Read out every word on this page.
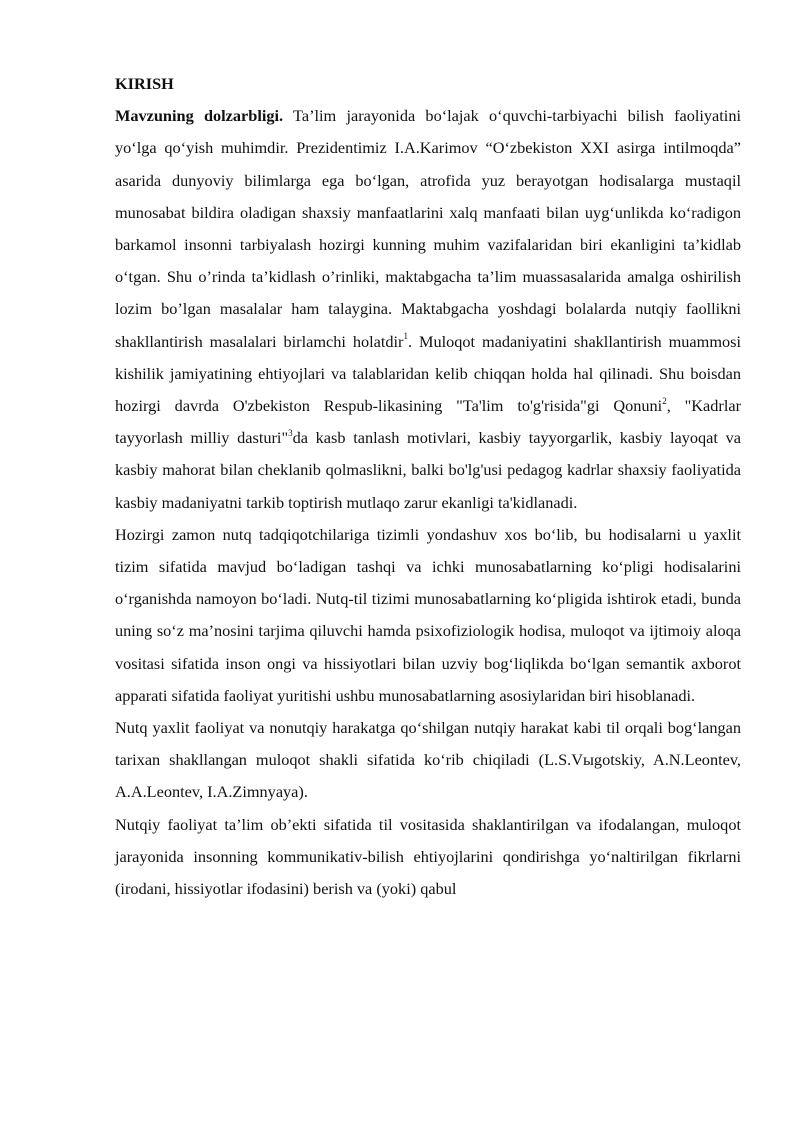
KIRISH

Mavzuning dolzarbligi. Ta’lim jarayonida bo‘lajak o‘quvchi-tarbiyachi bilish faoliyatini yo‘lga qo‘yish muhimdir. Prezidentimiz I.A.Karimov “O‘zbekiston XXI asirga intilmoqda” asarida dunyoviy bilimlarga ega bo‘lgan, atrofida yuz berayotgan hodisalarga mustaqil munosabat bildira oladigan shaxsiy manfaatlarini xalq manfaati bilan uyg‘unlikda ko‘radigon barkamol insonni tarbiyalash hozirgi kunning muhim vazifalaridan biri ekanligini ta’kidlab o‘tgan. Shu o’rinda ta’kidlash o’rinliki, maktabgacha ta’lim muassasalarida amalga oshirilish lozim bo’lgan masalalar ham talaygina. Maktabgacha yoshdagi bolalarda nutqiy faollikni shakllantirish masalalari birlamchi holatdir$^1$. Muloqot madaniyatini shakllantirish muammosi kishilik jamiyatining ehtiyojlari va talablaridan kelib chiqqan holda hal qilinadi. Shu boisdan hozirgi davrda O'zbekiston Respub-likasining "Ta'lim to'g'risida"gi Qonuni$^2$, "Kadrlar tayyorlash milliy dasturi"$^3$da kasb tanlash motivlari, kasbiy tayyorgarlik, kasbiy layoqat va kasbiy mahorat bilan cheklanib qolmaslikni, balki bo'lg'usi pedagog kadrlar shaxsiy faoliyatida kasbiy madaniyatni tarkib toptirish mutlaqo zarur ekanligi ta'kidlanadi.

Hozirgi zamon nutq tadqiqotchilariga tizimli yondashuv xos bo‘lib, bu hodisalarni u yaxlit tizim sifatida mavjud bo‘ladigan tashqi va ichki munosabatlarning ko‘pligi hodisalarini o‘rganishda namoyon bo‘ladi. Nutq-til tizimi munosabatlarning ko‘pligida ishtirok etadi, bunda uning so‘z ma’nosini tarjima qiluvchi hamda psixofiziologik hodisa, muloqot va ijtimoiy aloqa vositasi sifatida inson ongi va hissiyotlari bilan uzviy bog‘liqlikda bo‘lgan semantik axborot apparati sifatida faoliyat yuritishi ushbu munosabatlarning asosiylaridan biri hisoblanadi.

Nutq yaxlit faoliyat va nonutqiy harakatga qo‘shilgan nutqiy harakat kabi til orqali bog‘langan tarixan shakllangan muloqot shakli sifatida ko‘rib chiqiladi (L.S.Vыgotskiy, A.N.Leontev, A.A.Leontev, I.A.Zimnyaya).

Nutqiy faoliyat ta’lim ob’ekti sifatida til vositasida shaklantirilgan va ifodalangan, muloqot jarayonida insonning kommunikativ-bilish ehtiyojlarini qondirishga yo‘naltirilgan fikrlarni (irodani, hissiyotlar ifodasini) berish va (yoki) qabul
